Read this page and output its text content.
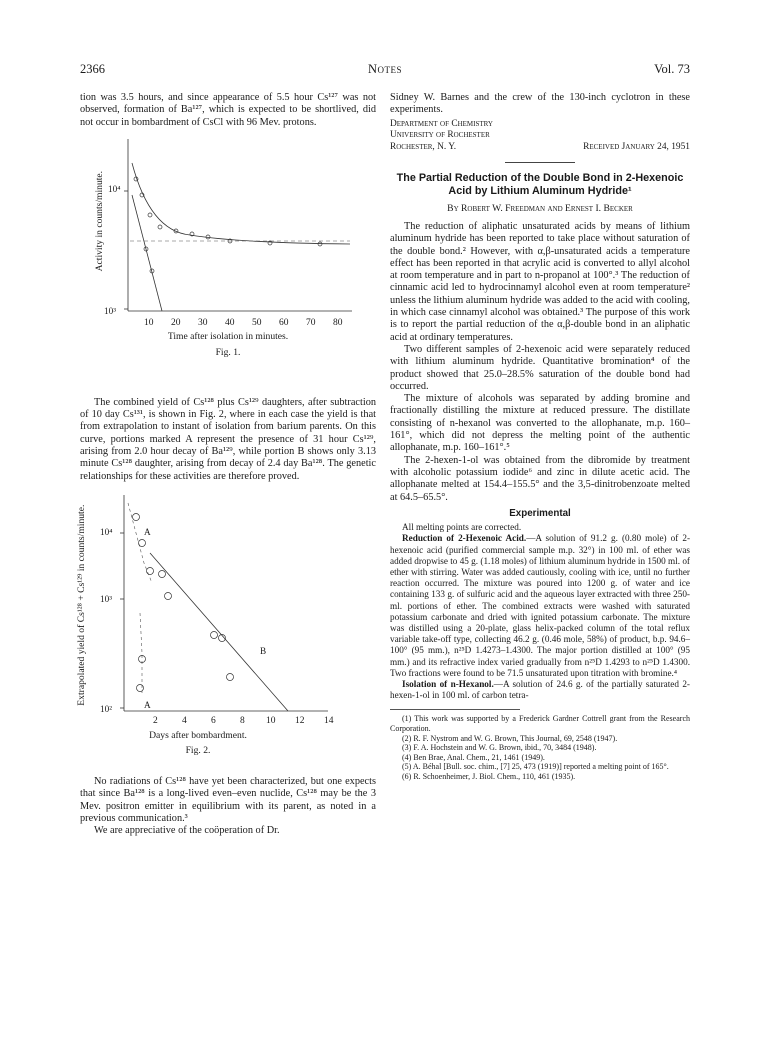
2366	Notes	Vol. 73

tion was 3.5 hours, and since appearance of 5.5 hour Cs¹²⁷ was not observed, formation of Ba¹²⁷, which is expected to be shortlived, did not occur in bombardment of CsCl with 96 Mev. protons.

Activity in counts/minute. 10⁴
10³
10 20 30 40 50 60 70 80
Time after isolation in minutes.
Fig. 1.

The combined yield of Cs¹²⁸ plus Cs¹²⁹ daughters, after subtraction of 10 day Cs¹³¹, is shown in Fig. 2, where in each case the yield is that from extrapolation to instant of isolation from barium parents. On this curve, portions marked A represent the presence of 31 hour Cs¹²⁹, arising from 2.0 hour decay of Ba¹²⁹, while portion B shows only 3.13 minute Cs¹²⁸ daughter, arising from decay of 2.4 day Ba¹²⁸. The genetic relationships for these activities are therefore proved.

Extrapolated yield of Cs¹²⁸ + Cs¹²⁹ in counts/minute. 10⁴
10³
10²
A
B
A
2	4	6	8 10 12 14
Days after bombardment.
Fig. 2.

No radiations of Cs¹²⁸ have yet been characterized, but one expects that since Ba¹²⁸ is a long-lived even–even nuclide, Cs¹²⁸ may be the 3 Mev. positron emitter in equilibrium with its parent, as noted in a previous communication.³

We are appreciative of the coöperation of Dr.

Sidney W. Barnes and the crew of the 130-inch cyclotron in these experiments.

Department of Chemistry
University of Rochester
Rochester, N. Y.	Received January 24, 1951
The Partial Reduction of the Double Bond in 2-Hexenoic Acid by Lithium Aluminum Hydride¹
By Robert W. Freedman and Ernest I. Becker

The reduction of aliphatic unsaturated acids by means of lithium aluminum hydride has been reported to take place without saturation of the double bond.² However, with α,β-unsaturated acids a temperature effect has been reported in that acrylic acid is converted to allyl alcohol at room temperature and in part to n-propanol at 100°.³ The reduction of cinnamic acid led to hydrocinnamyl alcohol even at room temperature² unless the lithium aluminum hydride was added to the acid with cooling, in which case cinnamyl alcohol was obtained.³ The purpose of this work is to report the partial reduction of the α,β-double bond in an aliphatic acid at ordinary temperatures.

Two different samples of 2-hexenoic acid were separately reduced with lithium aluminum hydride. Quantitative bromination⁴ of the product showed that 25.0–28.5% saturation of the double bond had occurred.

The mixture of alcohols was separated by adding bromine and fractionally distilling the mixture at reduced pressure. The distillate consisting of n-hexanol was converted to the allophanate, m.p. 160–161°, which did not depress the melting point of the authentic allophanate, m.p. 160–161°.⁵

The 2-hexen-1-ol was obtained from the dibromide by treatment with alcoholic potassium iodide⁶ and zinc in dilute acetic acid. The allophanate melted at 154.4–155.5° and the 3,5-dinitrobenzoate melted at 64.5–65.5°.

Experimental

All melting points are corrected.

Reduction of 2-Hexenoic Acid.—A solution of 91.2 g. (0.80 mole) of 2-hexenoic acid (purified commercial sample m.p. 32°) in 100 ml. of ether was added dropwise to 45 g. (1.18 moles) of lithium aluminum hydride in 1500 ml. of ether with stirring. Water was added cautiously, cooling with ice, until no further reaction occurred. The mixture was poured into 1200 g. of water and ice containing 133 g. of sulfuric acid and the aqueous layer extracted with three 250-ml. portions of ether. The combined extracts were washed with saturated potassium carbonate and dried with ignited potassium carbonate. The mixture was distilled using a 20-plate, glass helix-packed column of the total reflux variable take-off type, collecting 46.2 g. (0.46 mole, 58%) of product, b.p. 94.6–100° (95 mm.), n²⁵D 1.4273–1.4300. The major portion distilled at 100° (95 mm.) and its refractive index varied gradually from n²⁵D 1.4293 to n²⁵D 1.4300. Two fractions were found to be 71.5 unsaturated upon titration with bromine.⁴

Isolation of n-Hexanol.—A solution of 24.6 g. of the partially saturated 2-hexen-1-ol in 100 ml. of carbon tetra-

(1) This work was supported by a Frederick Gardner Cottrell grant from the Research Corporation.
(2) R. F. Nystrom and W. G. Brown, This Journal, 69, 2548 (1947).
(3) F. A. Hochstein and W. G. Brown, ibid., 70, 3484 (1948).
(4) Ben Brae, Anal. Chem., 21, 1461 (1949).
(5) A. Béhal [Bull. soc. chim., [7] 25, 473 (1919)] reported a melting point of 165°.
(6) R. Schoenheimer, J. Biol. Chem., 110, 461 (1935).
